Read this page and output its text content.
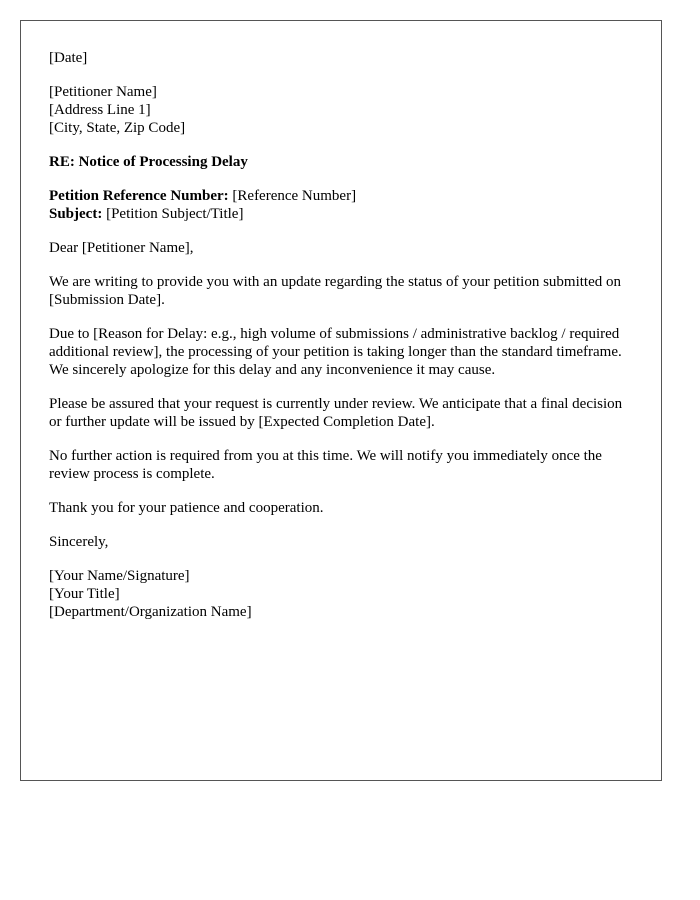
[Date]

[Petitioner Name]
[Address Line 1]
[City, State, Zip Code]

RE: Notice of Processing Delay

Petition Reference Number: [Reference Number]
Subject: [Petition Subject/Title]

Dear [Petitioner Name],

We are writing to provide you with an update regarding the status of your petition submitted on [Submission Date].

Due to [Reason for Delay: e.g., high volume of submissions / administrative backlog / required additional review], the processing of your petition is taking longer than the standard timeframe. We sincerely apologize for this delay and any inconvenience it may cause.

Please be assured that your request is currently under review. We anticipate that a final decision or further update will be issued by [Expected Completion Date].

No further action is required from you at this time. We will notify you immediately once the review process is complete.

Thank you for your patience and cooperation.

Sincerely,

[Your Name/Signature]
[Your Title]
[Department/Organization Name]
